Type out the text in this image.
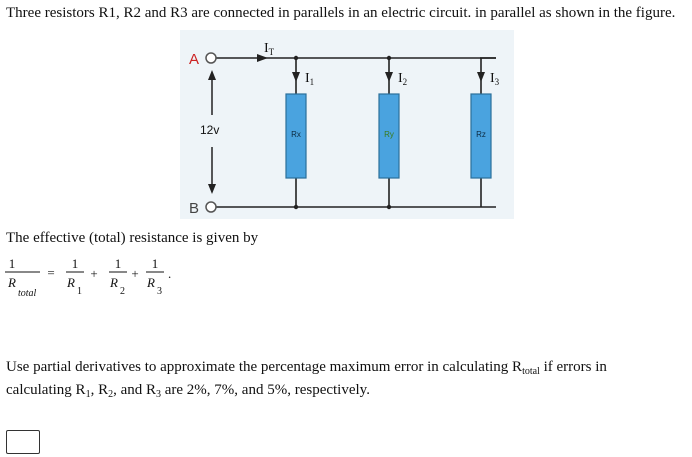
Three resistors R1, R2 and R3 are connected in parallels in an electric circuit. in parallel as shown in the figure.
$I_T$
A
B
12v
$I_1$
Rx
$I_2$
Ry
$I_3$
Rz
The effective (total) resistance is given by
1
R
total
=
1
R
1
+
1
R
2
+
1
R
3
.
Use partial derivatives to approximate the percentage maximum error in calculating $R_{total}$ if errors in
calculating $R_1$, $R_2$, and $R_3$ are 2%, 7%, and 5%, respectively.
